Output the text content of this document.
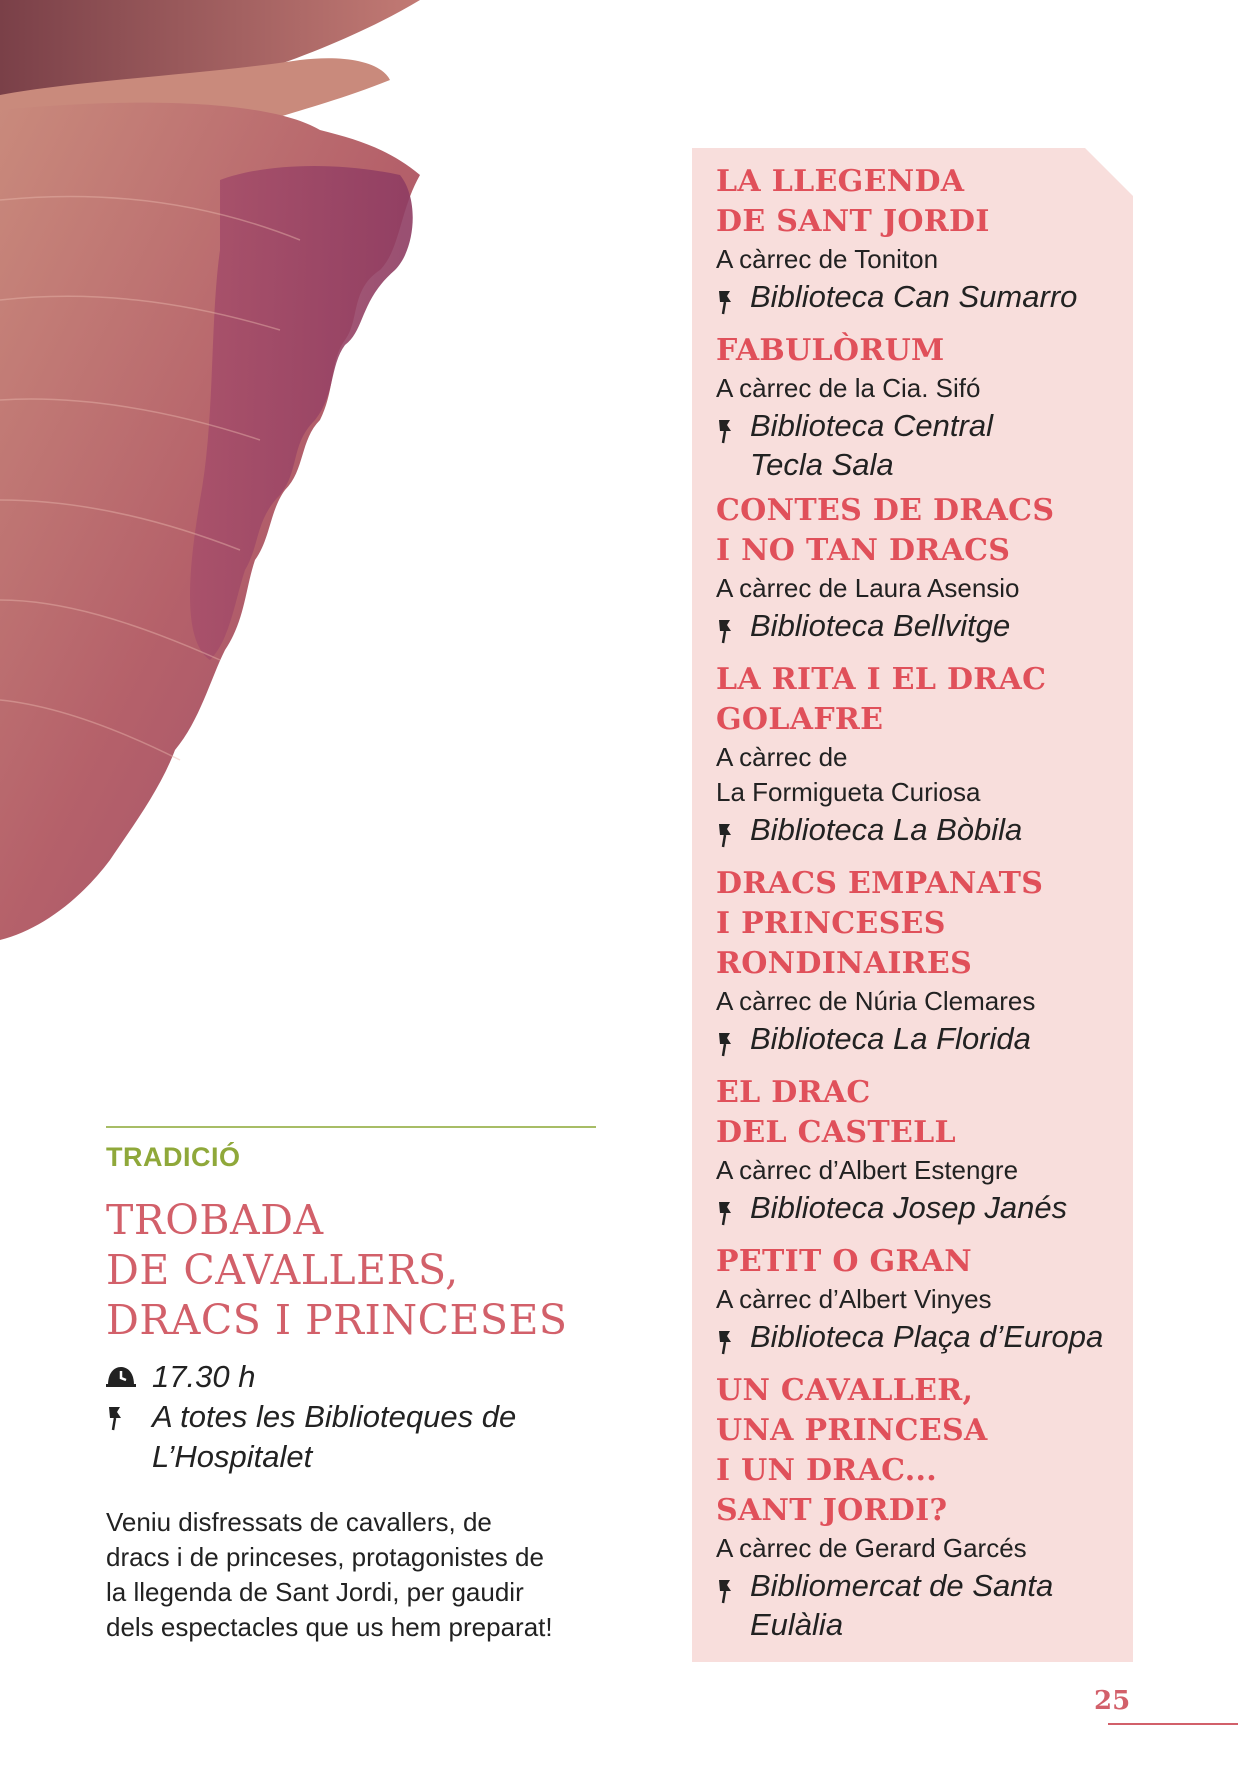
LA LLEGENDA
DE SANT JORDI
A càrrec de Toniton
Biblioteca Can Sumarro
FABULÒRUM
A càrrec de la Cia. Sifó
Biblioteca Central
Tecla Sala
CONTES DE DRACS
I NO TAN DRACS
A càrrec de Laura Asensio
Biblioteca Bellvitge
LA RITA I EL DRAC
GOLAFRE
A càrrec de
La Formigueta Curiosa
Biblioteca La Bòbila
DRACS EMPANATS
I PRINCESES
RONDINAIRES
A càrrec de Núria Clemares
Biblioteca La Florida
EL DRAC
DEL CASTELL
A càrrec d’Albert Estengre
Biblioteca Josep Janés
PETIT O GRAN
A càrrec d’Albert Vinyes
Biblioteca Plaça d’Europa
UN CAVALLER,
UNA PRINCESA
I UN DRAC...
SANT JORDI?
A càrrec de Gerard Garcés
Bibliomercat de Santa
Eulàlia
TRADICIÓ
TROBADA
DE CAVALLERS,
DRACS I PRINCESES
17.30 h
A totes les Biblioteques de
L’Hospitalet
Veniu disfressats de cavallers, de
dracs i de princeses, protagonistes de
la llegenda de Sant Jordi, per gaudir
dels espectacles que us hem preparat!
25
